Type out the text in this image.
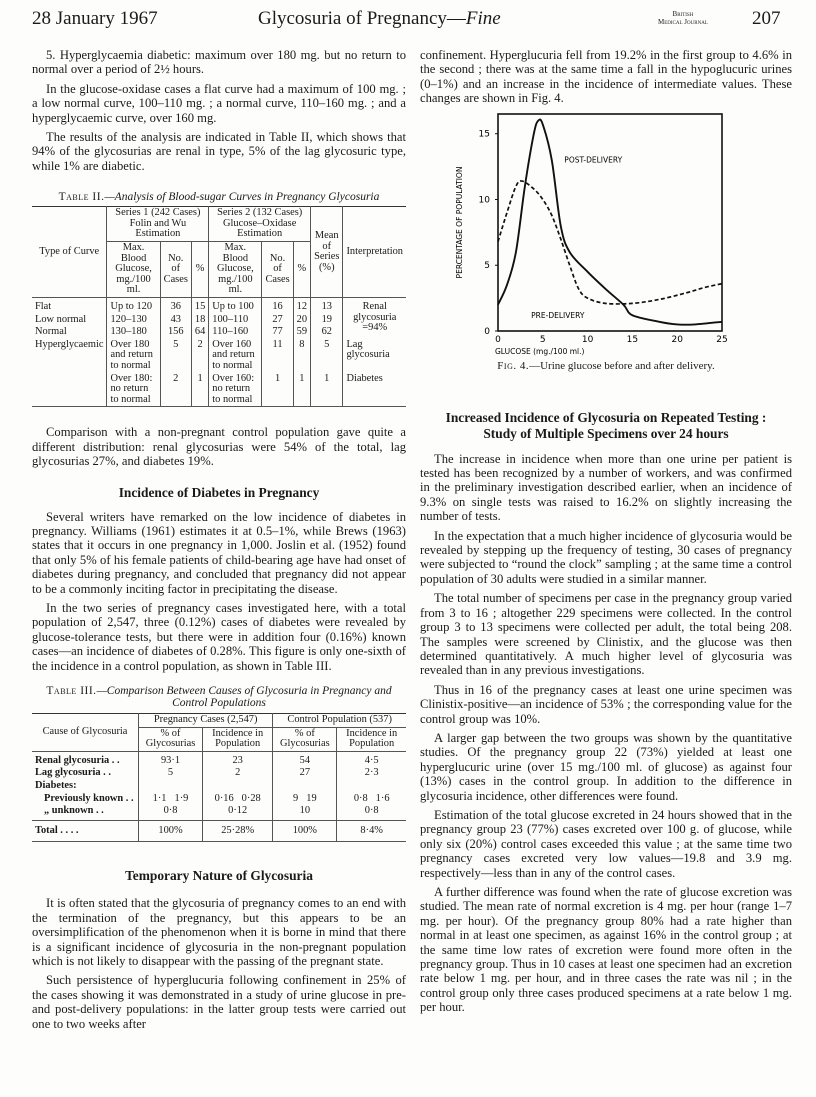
28 January 1967	Glycosuria of Pregnancy—Fine	British
Medical Journal 207

5. Hyperglycaemia diabetic: maximum over 180 mg. but no return to normal over a period of 2½ hours.

In the glucose-oxidase cases a flat curve had a maximum of 100 mg. ; a low normal curve, 100–110 mg. ; a normal curve, 110–160 mg. ; and a hyperglycaemic curve, over 160 mg.

The results of the analysis are indicated in Table II, which shows that 94% of the glycosurias are renal in type, 5% of the lag glycosuric type, while 1% are diabetic.

Table II.—Analysis of Blood-sugar Curves in Pregnancy Glycosuria
Type of Curve	Series 1 (242 Cases) Folin and Wu Estimation			Series 2 (132 Cases) Glucose–Oxidase Estimation			Mean of Series (%)	Interpretation
	Max. Blood Glucose, mg./100 ml.	No. of Cases	%	Max. Blood Glucose, mg./100 ml.	No. of Cases	%		
Flat	Up to 120	36	15	Up to 100	16	12	13	Renal glycosuria =94%
Low normal	120–130	43	18	100–110	27	20	19	
Normal	130–180	156	64	110–160	77	59	62	
Hyperglycaemic	Over 180 and return to normal	5	2	Over 160 and return to normal	11	8	5	Lag glycosuria
	Over 180: no return to normal	2	1	Over 160: no return to normal	1	1	1	Diabetes

Comparison with a non-pregnant control population gave quite a different distribution: renal glycosurias were 54% of the total, lag glycosurias 27%, and diabetes 19%.

Incidence of Diabetes in Pregnancy

Several writers have remarked on the low incidence of diabetes in pregnancy. Williams (1961) estimates it at 0.5–1%, while Brews (1963) states that it occurs in one pregnancy in 1,000. Joslin et al. (1952) found that only 5% of his female patients of child-bearing age have had onset of diabetes during pregnancy, and concluded that pregnancy did not appear to be a commonly inciting factor in precipitating the disease.

In the two series of pregnancy cases investigated here, with a total population of 2,547, three (0.12%) cases of diabetes were revealed by glucose-tolerance tests, but there were in addition four (0.16%) known cases—an incidence of diabetes of 0.28%. This figure is only one-sixth of the incidence in a control population, as shown in Table III.

Table III.—Comparison Between Causes of Glycosuria in Pregnancy and Control Populations
Cause of Glycosuria	Pregnancy Cases (2,547)		Control Population (537)	
	% of Glycosurias	Incidence in Population	% of Glycosurias	Incidence in Population
Renal glycosuria . .	93·1	23	54	4·5
Lag glycosuria . .	5	2	27	2·3
Diabetes:				
Previously known . .	1·1 1·9	0·16 0·28	9 19	0·8 1·6
„ unknown . .	0·8	0·12	10	0·8
Total . . . .	100%	25·28%	100%	8·4%
Temporary Nature of Glycosuria

It is often stated that the glycosuria of pregnancy comes to an end with the termination of the pregnancy, but this appears to be an oversimplification of the phenomenon when it is borne in mind that there is a significant incidence of glycosuria in the non-pregnant population which is not likely to disappear with the passing of the pregnant state.

Such persistence of hyperglucuria following confinement in 25% of the cases showing it was demonstrated in a study of urine glucose in pre- and post-delivery populations: in the latter group tests were carried out one to two weeks after

confinement. Hyperglucuria fell from 19.2% in the first group to 4.6% in the second ; there was at the same time a fall in the hypoglucuric urines (0–1%) and an increase in the incidence of intermediate values. These changes are shown in Fig. 4.

0	5	10	15	20	25
0
5
10
15
GLUCOSE (mg./100 ml.)
PERCENTAGE OF POPULATION
POST-DELIVERY
PRE-DELIVERY
Fig. 4.—Urine glucose before and after delivery.
Increased Incidence of Glycosuria on Repeated Testing : Study of Multiple Specimens over 24 hours

The increase in incidence when more than one urine per patient is tested has been recognized by a number of workers, and was confirmed in the preliminary investigation described earlier, when an incidence of 9.3% on single tests was raised to 16.2% on slightly increasing the number of tests.

In the expectation that a much higher incidence of glycosuria would be revealed by stepping up the frequency of testing, 30 cases of pregnancy were subjected to “round the clock” sampling ; at the same time a control population of 30 adults were studied in a similar manner.

The total number of specimens per case in the pregnancy group varied from 3 to 16 ; altogether 229 specimens were collected. In the control group 3 to 13 specimens were collected per adult, the total being 208. The samples were screened by Clinistix, and the glucose was then determined quantitatively. A much higher level of glycosuria was revealed than in any previous investigations.

Thus in 16 of the pregnancy cases at least one urine specimen was Clinistix-positive—an incidence of 53% ; the corresponding value for the control group was 10%.

A larger gap between the two groups was shown by the quantitative studies. Of the pregnancy group 22 (73%) yielded at least one hyperglucuric urine (over 15 mg./100 ml. of glucose) as against four (13%) cases in the control group. In addition to the difference in glycosuria incidence, other differences were found.

Estimation of the total glucose excreted in 24 hours showed that in the pregnancy group 23 (77%) cases excreted over 100 g. of glucose, while only six (20%) control cases exceeded this value ; at the same time two pregnancy cases excreted very low values—19.8 and 3.9 mg. respectively—less than in any of the control cases.

A further difference was found when the rate of glucose excretion was studied. The mean rate of normal excretion is 4 mg. per hour (range 1–7 mg. per hour). Of the pregnancy group 80% had a rate higher than normal in at least one specimen, as against 16% in the control group ; at the same time low rates of excretion were found more often in the pregnancy group. Thus in 10 cases at least one specimen had an excretion rate below 1 mg. per hour, and in three cases the rate was nil ; in the control group only three cases produced specimens at a rate below 1 mg. per hour.
